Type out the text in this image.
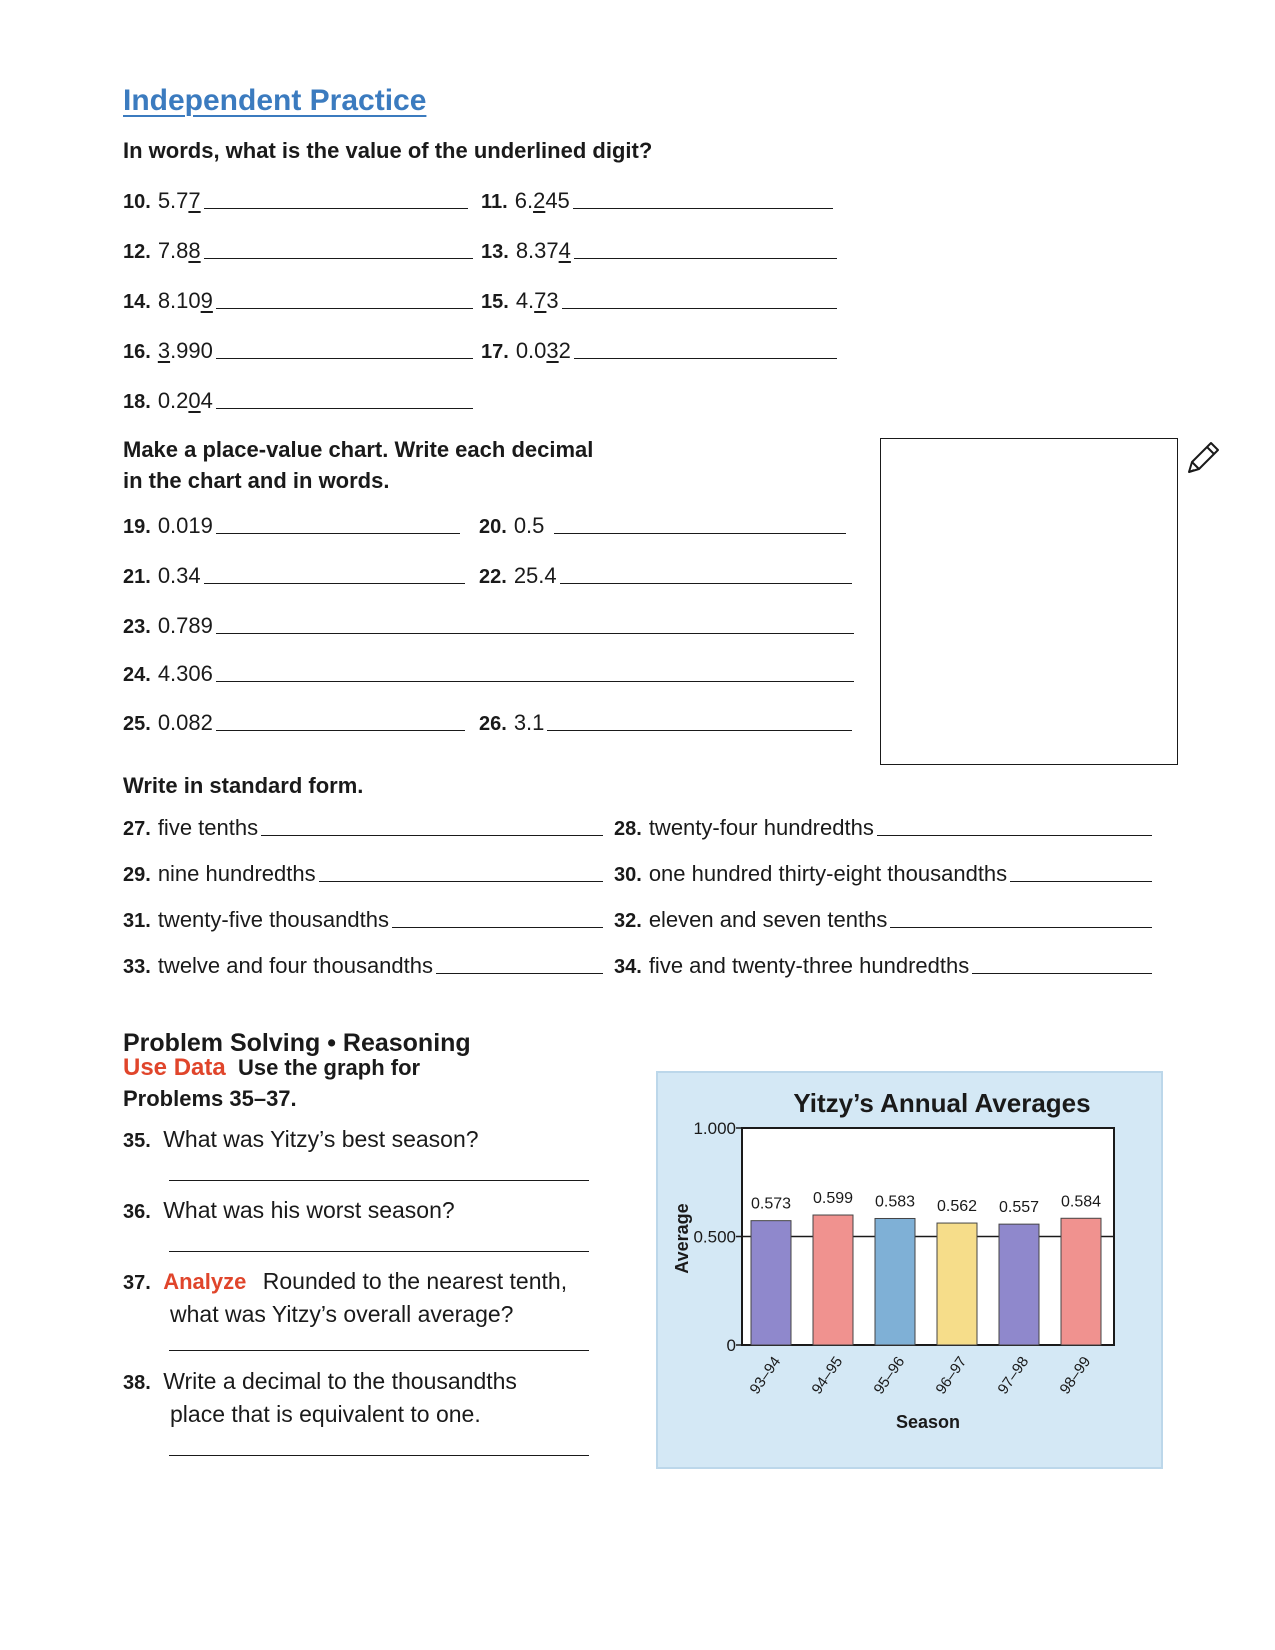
Independent Practice
In words, what is the value of the underlined digit?
10. 5.77	11. 6.245
12. 7.88	13. 8.374
14. 8.109	15. 4.73
16. 3.990	17. 0.032
18. 0.204
Make a place-value chart. Write each decimal
in the chart and in words.
19. 0.019	20. 0.5
21. 0.34	22. 25.4
23. 0.789
24. 4.306
25. 0.082	26. 3.1
Write in standard form.
27. five tenths	28. twenty-four hundredths
29. nine hundredths	30. one hundred thirty-eight thousandths
31. twenty-five thousandths	32. eleven and seven tenths
33. twelve and four thousandths	34. five and twenty-three hundredths
Problem Solving • Reasoning
Use Data Use the graph for
Problems 35–37.
35. What was Yitzy’s best season?
36. What was his worst season?
37. Analyze Rounded to the nearest tenth,
what was Yitzy’s overall average?
38. Write a decimal to the thousandths
place that is equivalent to one.
Yitzy’s Annual Averages
0
0.500
1.000
Average	0.573
93–94
0.599
94–95
0.583
95–96
0.562
96–97
0.557
97–98
0.584
98–99
Season
